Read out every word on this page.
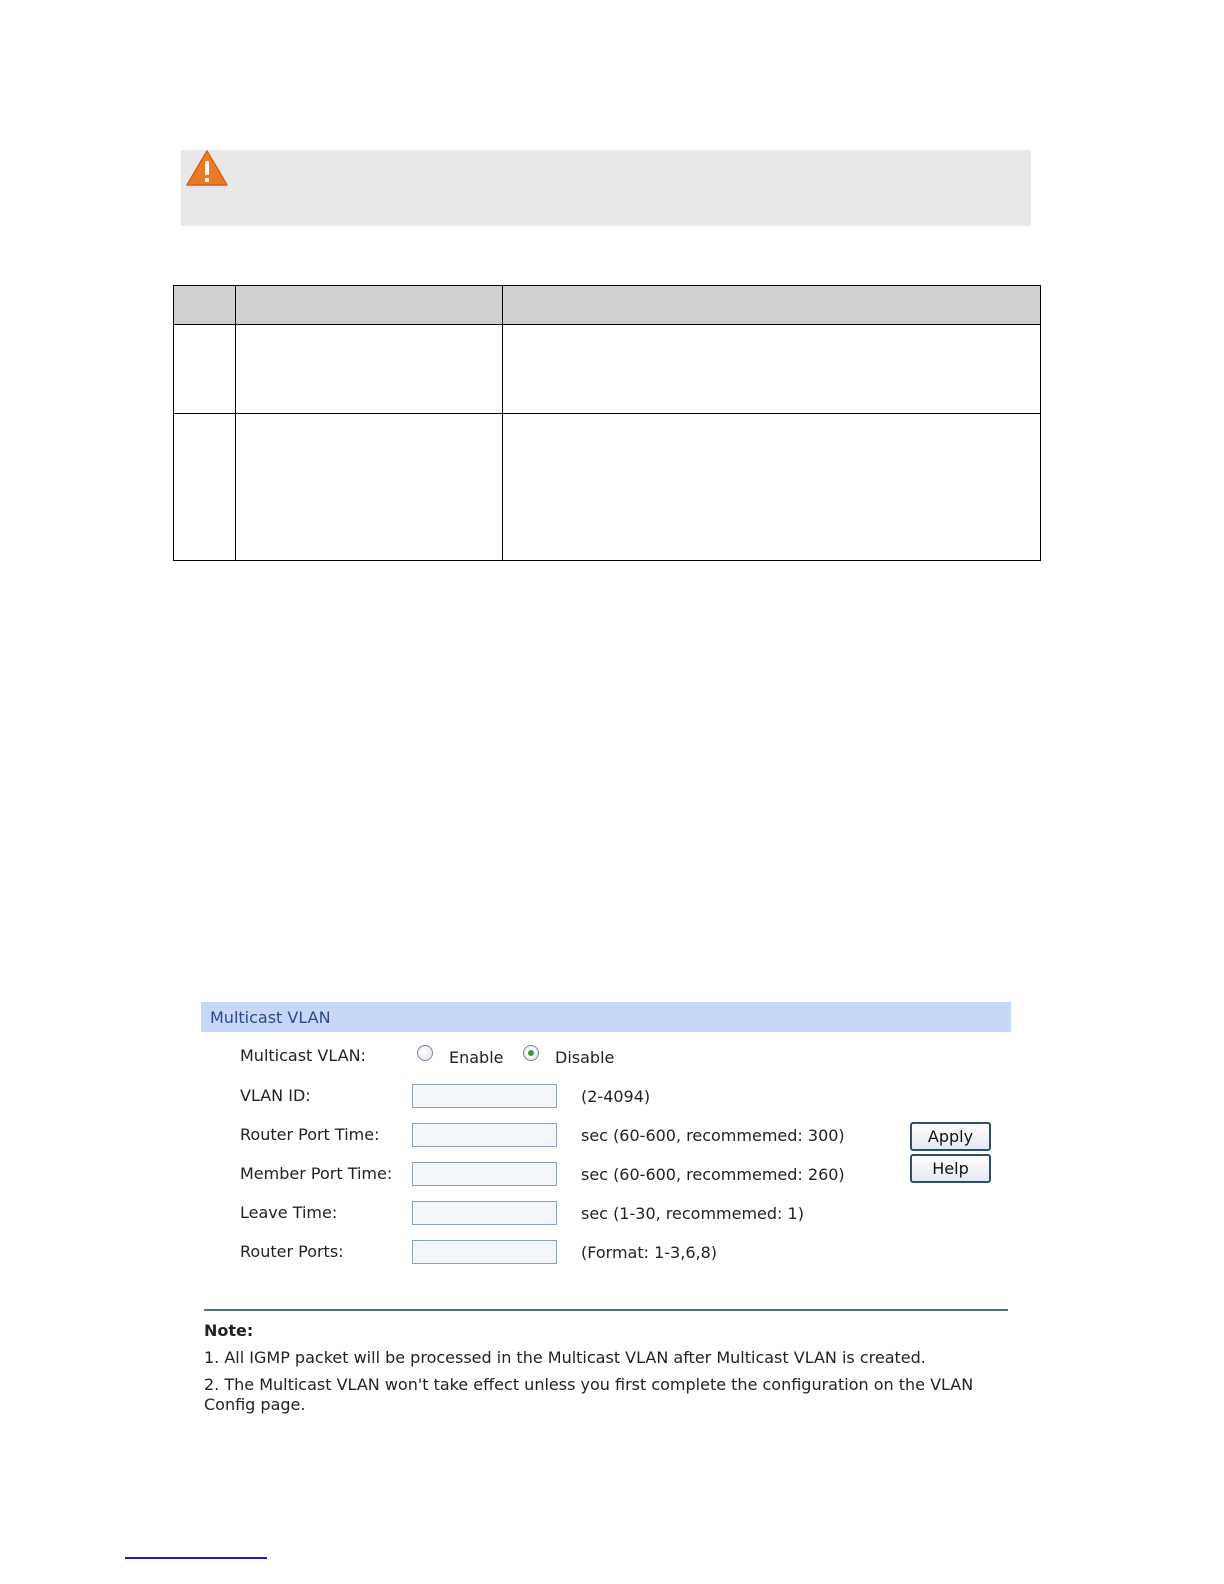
Multicast VLAN
Multicast VLAN:	Enable	Disable
VLAN ID:	(2-4094)
Router Port Time:	sec (60-600, recommemed: 300)
Member Port Time:	sec (60-600, recommemed: 260)
Leave Time:	sec (1-30, recommemed: 1)
Router Ports:	(Format: 1-3,6,8)
Apply
Help
Note:
1. All IGMP packet will be processed in the Multicast VLAN after Multicast VLAN is created.
2. The Multicast VLAN won't take effect unless you first complete the configuration on the VLAN Config page.
